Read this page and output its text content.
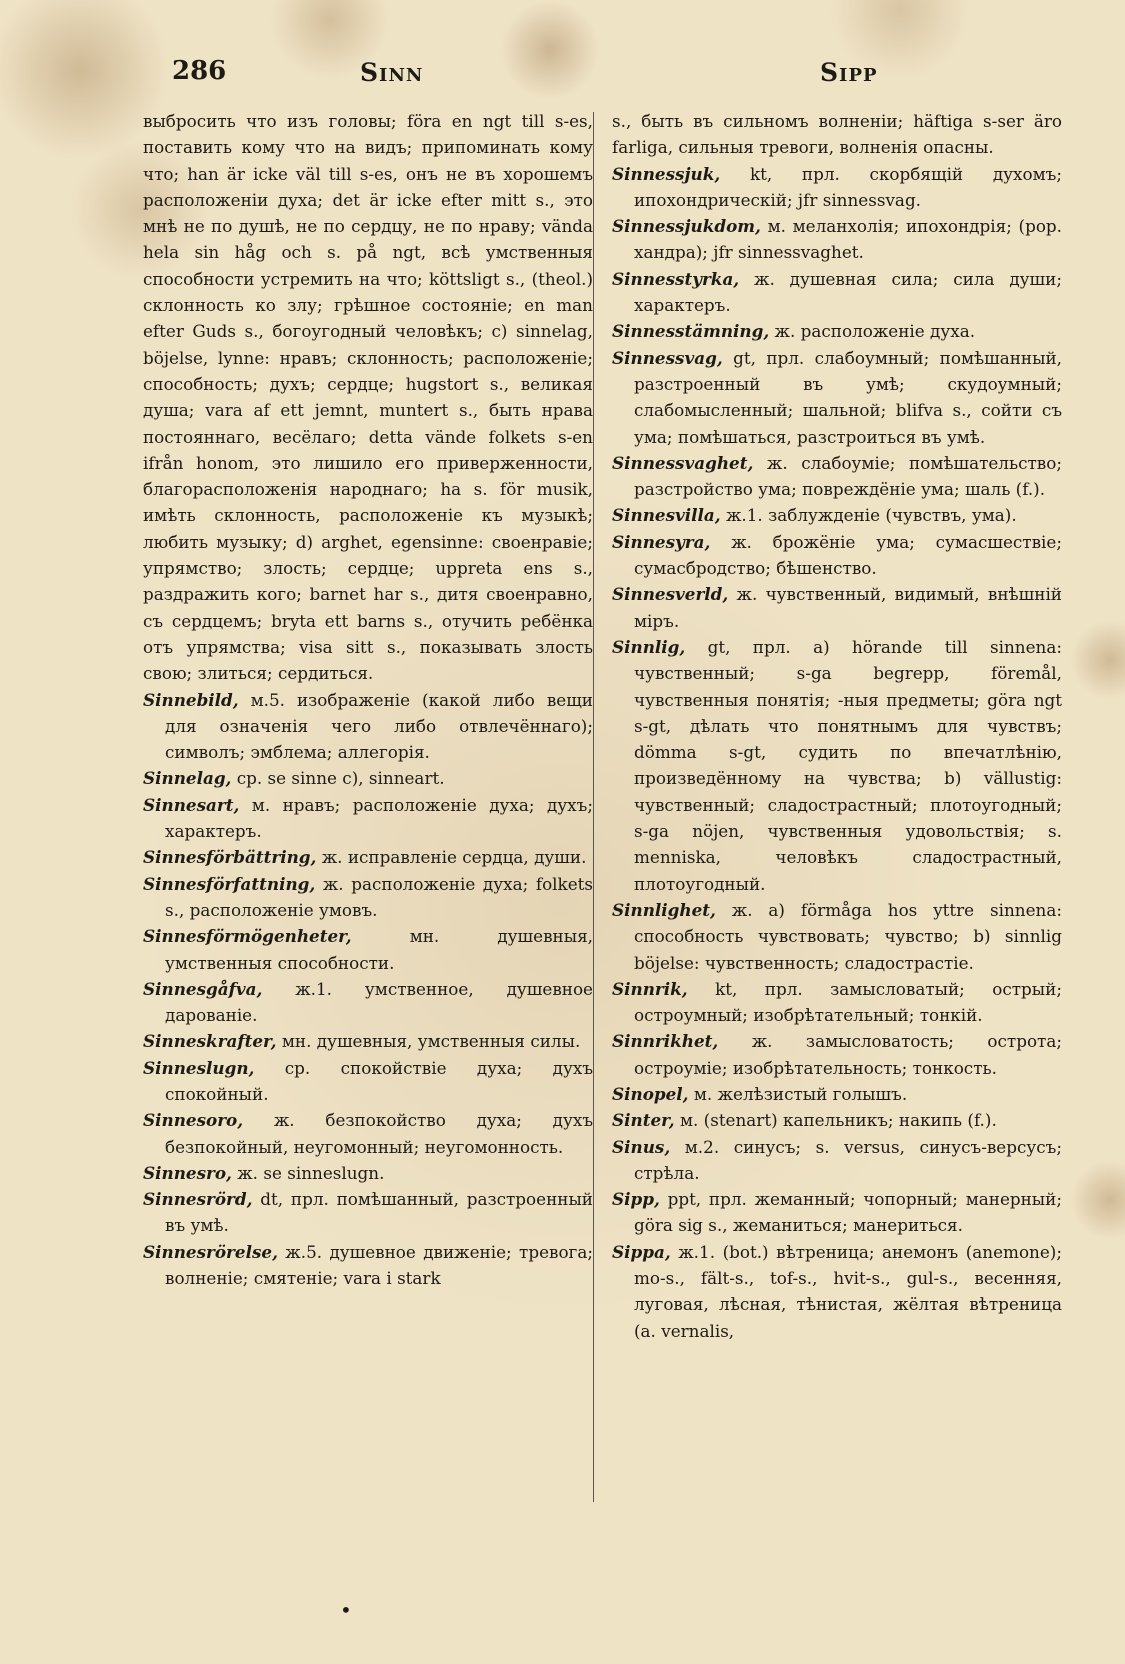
286	Sinn	Sipp

выбросить что изъ головы; föra en ngt till s-es, поставить кому что на видъ; припоминать кому что; han är icke väl till s-es, онъ не въ хорошемъ расположеніи духа; det är icke efter mitt s., это мнѣ не по душѣ, не по сердцу, не по нраву; vända hela sin håg och s. på ngt, всѣ умственныя способности устремить на что; köttsligt s., (theol.) склонность ко злу; грѣшное состояніе; en man efter Guds s., богоугодный человѣкъ; c) sinnelag, böjelse, lynne: нравъ; склонность; расположеніе; способность; духъ; сердце; hugstort s., великая душа; vara af ett jemnt, muntert s., быть нрава постояннаго, весёлаго; detta vände folkets s-en ifrån honom, это лишило его приверженности, благорасположенія народнаго; ha s. för musik, имѣть склонность, расположеніе къ музыкѣ; любить музыку; d) arghet, egensinne: своенравіе; упрямство; злость; сердце; uppreta ens s., раздражить кого; barnet har s., дитя своенравно, съ сердцемъ; bryta ett barns s., отучить ребёнка отъ упрямства; visa sitt s., показывать злость свою; злиться; сердиться.

Sinnebild, м.5. изображеніе (какой либо вещи для означенія чего либо отвлечённаго); символъ; эмблема; аллегорія.

Sinnelag, ср. se sinne c), sinneart.

Sinnesart, м. нравъ; расположеніе духа; духъ; характеръ.

Sinnesförbättring, ж. исправленіе сердца, души.

Sinnesförfattning, ж. расположеніе духа; folkets s., расположеніе умовъ.

Sinnesförmögenheter,	мн. душевныя, умственныя способности.

Sinnesgåfva, ж.1. умственное, душевное дарованіе.

Sinneskrafter, мн. душевныя, умственныя силы.

Sinneslugn, ср. спокойствіе духа; духъ спокойный.

Sinnesoro, ж. безпокойство духа; духъ безпокойный, неугомонный; неугомонность.

Sinnesro, ж. se sinneslugn.

Sinnesrörd, dt, прл. помѣшанный, разстроенный въ умѣ.

Sinnesrörelse, ж.5. душевное движеніе; тревога; волненіе; смятеніе; vara i stark

s., быть въ сильномъ волненіи; häftiga s-ser äro farliga, сильныя тревоги, волненія опасны.

Sinnessjuk, kt, прл. скорбящій духомъ; ипохондрическій; jfr sinnessvag.

Sinnessjukdom, м. меланхолія; ипохондрія; (рор. хандра); jfr sinnessvaghet.

Sinnesstyrka, ж. душевная сила; сила души; характеръ.

Sinnesstämning, ж. расположеніе духа.

Sinnessvag, gt, прл. слабоумный; помѣшанный, разстроенный въ умѣ; скудоумный; слабомысленный; шальной; blifva s., сойти съ ума; помѣшаться, разстроиться въ умѣ.

Sinnessvaghet, ж. слабоуміе; помѣшательство; разстройство ума; повреждёніе ума; шаль (f.).

Sinnesvilla, ж.1. заблужденіе (чувствъ, ума).

Sinnesyra, ж. брожёніе ума; сумасшествіе; сумасбродство; бѣшенство.

Sinnesverld, ж. чувственный, видимый, внѣшній міръ.

Sinnlig, gt, прл. a) hörande till sinnena: чувственный; s-ga begrepp, föremål, чувственныя понятія; -ныя предметы; göra ngt s-gt, дѣлать что понятнымъ для чувствъ; dömma s-gt, судить по впечатлѣнію, произведённому на чувства; b) vällustig: чувственный; сладострастный; плотоугодный; s-ga nöjen, чувственныя удовольствія; s. menniska, человѣкъ сладострастный, плотоугодный.

Sinnlighet, ж. a) förmåga hos yttre sinnena: способность чувствовать; чувство; b) sinnlig böjelse: чувственность; сладострастіе.

Sinnrik, kt, прл. замысловатый; острый; остроумный; изобрѣтательный; тонкій.

Sinnrikhet, ж. замысловатость; острота; остроуміе; изобрѣтательность; тонкость.

Sinopel, м. желѣзистый голышъ.

Sinter, м. (stenart) капельникъ; накипь (f.).

Sinus, м.2. синусъ; s. versus, синусъ-версусъ; стрѣла.

Sipp, ppt, прл. жеманный; чопорный; манерный; göra sig s., жеманиться; манериться.

Sippa, ж.1. (bot.) вѣтреница; анемонъ (anemone); mo-s., fält-s., tof-s., hvit-s., gul-s., весенняя, луговая, лѣсная, тѣнистая, жёлтая вѣтреница (a. vernalis,

•
